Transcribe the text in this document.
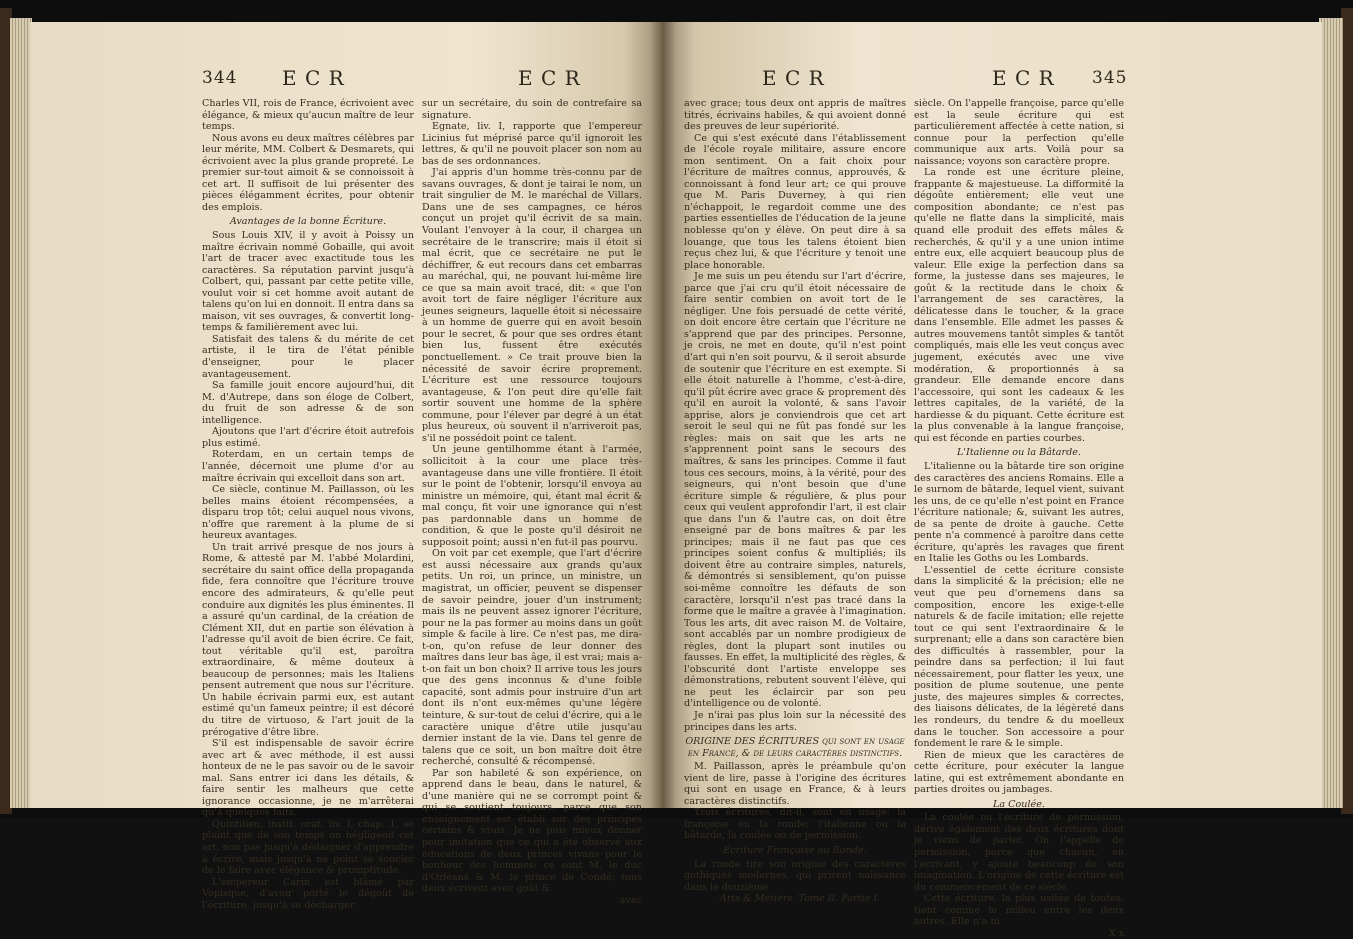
344 E C R	E C R

Charles VII, rois de France, écrivoient avec élégance, & mieux qu'aucun maître de leur temps.

Nous avons eu deux maîtres célèbres par leur mérite, MM. Colbert & Desmarets, qui écrivoient avec la plus grande propreté. Le premier sur-tout aimoit & se connoissoit à cet art. Il suffisoit de lui présenter des pièces élégamment écrites, pour obtenir des emplois.

Avantages de la bonne Écriture.

Sous Louis XIV, il y avoit à Poissy un maître écrivain nommé Gobaille, qui avoit l'art de tracer avec exactitude tous les caractères. Sa réputation parvint jusqu'à Colbert, qui, passant par cette petite ville, voulut voir si cet homme avoit autant de talens qu'on lui en donnoit. Il entra dans sa maison, vit ses ouvrages, & convertit long-temps & familièrement avec lui.

Satisfait des talens & du mérite de cet artiste, il le tira de l'état pénible d'enseigner, pour le placer avantageusement.

Sa famille jouit encore aujourd'hui, dit M. d'Autrepe, dans son éloge de Colbert, du fruit de son adresse & de son intelligence.

Ajoutons que l'art d'écrire étoit autrefois plus estimé.

Roterdam, en un certain temps de l'année, décernoit une plume d'or au maître écrivain qui excelloit dans son art.

Ce siècle, continue M. Paillasson, où les belles mains étoient récompensées, a disparu trop tôt; celui auquel nous vivons, n'offre que rarement à la plume de si heureux avantages.

Un trait arrivé presque de nos jours à Rome, & attesté par M. l'abbé Molardini, secrétaire du saint office della propaganda fide, fera connoître que l'écriture trouve encore des admirateurs, & qu'elle peut conduire aux dignités les plus éminentes. Il a assuré qu'un cardinal, de la création de Clément XII, dut en partie son élévation à l'adresse qu'il avoit de bien écrire. Ce fait, tout véritable qu'il est, paroîtra extraordinaire, & même douteux à beaucoup de personnes; mais les Italiens pensent autrement que nous sur l'écriture. Un habile écrivain parmi eux, est autant estimé qu'un fameux peintre; il est décoré du titre de virtuoso, & l'art jouit de la prérogative d'être libre.

S'il est indispensable de savoir écrire avec art & avec méthode, il est aussi honteux de ne le pas savoir ou de le savoir mal. Sans entrer ici dans les détails, & faire sentir les malheurs que cette ignorance occasionne, je ne m'arrêterai qu'à quelques faits.

Quintilien, instit. orat. liv. I, chap. 1, se plaint que de son temps on négligeoit cet art, non pas jusqu'à dédaigner d'apprendre à écrire, mais jusqu'à ne point se soucier de le faire avec élégance & promptitude.

L'empereur Carin est blâmé par Vopisque, d'avoir porté le dégoût de l'écriture, jusqu'à se décharger

sur un secrétaire, du soin de contrefaire sa signature.

Egnate, liv. I, rapporte que l'empereur Licinius fut méprisé parce qu'il ignoroit les lettres, & qu'il ne pouvoit placer son nom au bas de ses ordonnances.

J'ai appris d'un homme très-connu par de savans ouvrages, & dont je tairai le nom, un trait singulier de M. le maréchal de Villars. Dans une de ses campagnes, ce héros conçut un projet qu'il écrivit de sa main. Voulant l'envoyer à la cour, il chargea un secrétaire de le transcrire; mais il étoit si mal écrit, que ce secrétaire ne put le déchiffrer, & eut recours dans cet embarras au maréchal, qui, ne pouvant lui-même lire ce que sa main avoit tracé, dit: « que l'on avoit tort de faire négliger l'écriture aux jeunes seigneurs, laquelle étoit si nécessaire à un homme de guerre qui en avoit besoin pour le secret, & pour que ses ordres étant bien lus, fussent être exécutés ponctuellement. » Ce trait prouve bien la nécessité de savoir écrire proprement. L'écriture est une ressource toujours avantageuse, & l'on peut dire qu'elle fait sortir souvent une homme de la sphère commune, pour l'élever par degré à un état plus heureux, où souvent il n'arriveroit pas, s'il ne possédoit point ce talent.

Un jeune gentilhomme étant à l'armée, sollicitoit à la cour une place très-avantageuse dans une ville frontière. Il étoit sur le point de l'obtenir, lorsqu'il envoya au ministre un mémoire, qui, étant mal écrit & mal conçu, fit voir une ignorance qui n'est pas pardonnable dans un homme de condition, & que le poste qu'il désiroit ne supposoit point; aussi n'en fut-il pas pourvu.

On voit par cet exemple, que l'art d'écrire est aussi nécessaire aux grands qu'aux petits. Un roi, un prince, un ministre, un magistrat, un officier, peuvent se dispenser de savoir peindre, jouer d'un instrument; mais ils ne peuvent assez ignorer l'écriture, pour ne la pas former au moins dans un goût simple & facile à lire. Ce n'est pas, me dira-t-on, qu'on refuse de leur donner des maîtres dans leur bas âge, il est vrai; mais a-t-on fait un bon choix? Il arrive tous les jours que des gens inconnus & d'une foible capacité, sont admis pour instruire d'un art dont ils n'ont eux-mêmes qu'une légère teinture, & sur-tout de celui d'écrire, qui a le caractère unique d'être utile jusqu'au dernier instant de la vie. Dans tel genre de talens que ce soit, un bon maître doit être recherché, consulté & récompensé.

Par son habileté & son expérience, on apprend dans le beau, dans le naturel, & d'une manière qui ne se corrompt point & qui se soutient toujours, parce que son enseignement est établi sur des principes certains & vrais. Je ne puis mieux donner pour imitation que ce qui a été observé aux éducations de deux princes vivans pour le bonheur des hommes: ce sont M. le duc d'Orléans & M. le prince de Condé; tous deux écrivent avec goût &

avec

E C R	E C R 345

avec grace; tous deux ont appris de maîtres titrés, écrivains habiles, & qui avoient donné des preuves de leur supériorité.

Ce qui s'est exécuté dans l'établissement de l'école royale militaire, assure encore mon sentiment. On a fait choix pour l'écriture de maîtres connus, approuvés, & connoissant à fond leur art; ce qui prouve que M. Paris Duverney, à qui rien n'échappoit, le regardoit comme une des parties essentielles de l'éducation de la jeune noblesse qu'on y élève. On peut dire à sa louange, que tous les talens étoient bien reçus chez lui, & que l'écriture y tenoit une place honorable.

Je me suis un peu étendu sur l'art d'écrire, parce que j'ai cru qu'il étoit nécessaire de faire sentir combien on avoit tort de le négliger. Une fois persuadé de cette vérité, on doit encore être certain que l'écriture ne s'apprend que par des principes. Personne, je crois, ne met en doute, qu'il n'est point d'art qui n'en soit pourvu, & il seroit absurde de soutenir que l'écriture en est exempte. Si elle étoit naturelle à l'homme, c'est-à-dire, qu'il pût écrire avec grace & proprement dès qu'il en auroit la volonté, & sans l'avoir apprise, alors je conviendrois que cet art seroit le seul qui ne fût pas fondé sur les règles: mais on sait que les arts ne s'apprennent point sans le secours des maîtres, & sans les principes. Comme il faut tous ces secours, moins, à la vérité, pour des seigneurs, qui n'ont besoin que d'une écriture simple & régulière, & plus pour ceux qui veulent approfondir l'art, il est clair que dans l'un & l'autre cas, on doit être enseigné par de bons maîtres & par les principes; mais il ne faut pas que ces principes soient confus & multipliés; ils doivent être au contraire simples, naturels, & démontrés si sensiblement, qu'on puisse soi-même connoître les défauts de son caractère, lorsqu'il n'est pas tracé dans la forme que le maître a gravée à l'imagination. Tous les arts, dit avec raison M. de Voltaire, sont accablés par un nombre prodigieux de règles, dont la plupart sont inutiles ou fausses. En effet, la multiplicité des règles, & l'obscurité dont l'artiste enveloppe ses démonstrations, rebutent souvent l'élève, qui ne peut les éclaircir par son peu d'intelligence ou de volonté.

Je n'irai pas plus loin sur la nécessité des principes dans les arts.

ORIGINE DES ÉCRITURES qui sont en usage en France, & de leurs caractères distinctifs.

M. Paillasson, après le préambule qu'on vient de lire, passe à l'origine des écritures qui sont en usage en France, & à leurs caractères distinctifs.

Trois écritures, dit-il, sont en usage: la françoise ou la ronde; l'italienne ou la bâtarde, la coulée ou de permission.

Écriture Françoise ou Ronde.

La ronde tire son origine des caractères gothiques modernes, qui prirent naissance dans le douzième

Arts & Métiers. Tome II. Partie I.

siècle. On l'appelle françoise, parce qu'elle est la seule écriture qui est particulièrement affectée à cette nation, si connue pour la perfection qu'elle communique aux arts. Voilà pour sa naissance; voyons son caractère propre.

La ronde est une écriture pleine, frappante & majestueuse. La difformité la dégoûte entièrement; elle veut une composition abondante; ce n'est pas qu'elle ne flatte dans la simplicité, mais quand elle produit des effets mâles & recherchés, & qu'il y a une union intime entre eux, elle acquiert beaucoup plus de valeur. Elle exige la perfection dans sa forme, la justesse dans ses majeures, le goût & la rectitude dans le choix & l'arrangement de ses caractères, la délicatesse dans le toucher, & la grace dans l'ensemble. Elle admet les passes & autres mouvemens tantôt simples & tantôt compliqués, mais elle les veut conçus avec jugement, exécutés avec une vive modération, & proportionnés à sa grandeur. Elle demande encore dans l'accessoire, qui sont les cadeaux & les lettres capitales, de la variété, de la hardiesse & du piquant. Cette écriture est la plus convenable à la langue françoise, qui est féconde en parties courbes.

L'Italienne ou la Bâtarde.

L'italienne ou la bâtarde tire son origine des caractères des anciens Romains. Elle a le surnom de bâtarde, lequel vient, suivant les uns, de ce qu'elle n'est point en France l'écriture nationale; &, suivant les autres, de sa pente de droite à gauche. Cette pente n'a commencé à paroître dans cette écriture, qu'après les ravages que firent en Italie les Goths ou les Lombards.

L'essentiel de cette écriture consiste dans la simplicité & la précision; elle ne veut que peu d'ornemens dans sa composition, encore les exige-t-elle naturels & de facile imitation; elle rejette tout ce qui sent l'extraordinaire & le surprenant; elle a dans son caractère bien des difficultés à rassembler, pour la peindre dans sa perfection; il lui faut nécessairement, pour flatter les yeux, une position de plume soutenue, une pente juste, des majeures simples & correctes, des liaisons délicates, de la légèreté dans les rondeurs, du tendre & du moelleux dans le toucher. Son accessoire a pour fondement le rare & le simple.

Rien de mieux que les caractères de cette écriture, pour exécuter la langue latine, qui est extrêmement abondante en parties droites ou jambages.

La Coulée.

La coulée ou l'écriture de permission, dérive également des deux écritures dont je viens de parler. On l'appelle de permission, parce que chacun, en l'écrivant, y ajoute beaucoup de son imagination. L'origine de cette écriture est du commencement de ce siècle.

Cette écriture, la plus usitée de toutes, tient comme le milieu entre les deux autres. Elle n'a ni

X x
